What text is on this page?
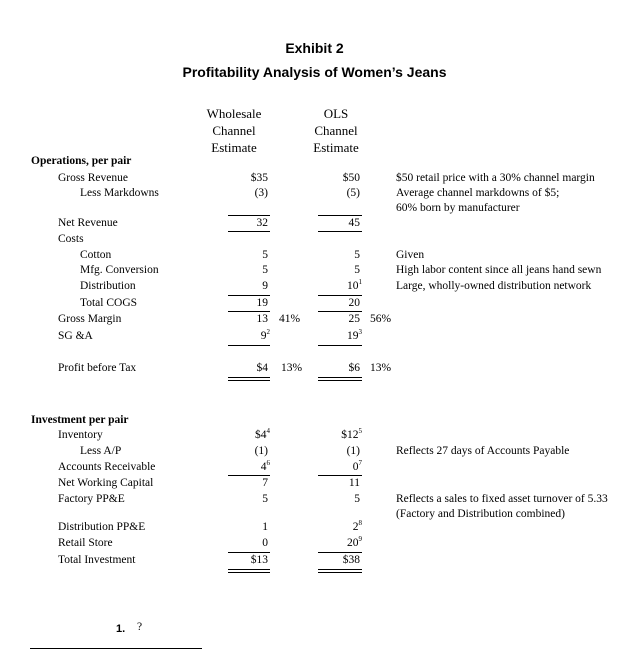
Exhibit 2
Profitability Analysis of Women’s Jeans
Wholesale
Channel
Estimate
OLS
Channel
Estimate
Operations, per pair
Gross Revenue	$35	$50	$50 retail price with a 30% channel margin
Less Markdowns	(3)	(5)	Average channel markdowns of $5;
60% born by manufacturer
Net Revenue	32	45
Costs
Cotton	5	5	Given
Mfg. Conversion	5	5	High labor content since all jeans hand sewn
Distribution	9	$10^1$	Large, wholly-owned distribution network
Total COGS	19	20
Gross Margin	13 41%	25 56%
SG &A	$9^2$	$19^3$
Profit before Tax	$4 13%	$6 13%
Investment per pair
Inventory	$\$4^4$	$\$12^5$
Less A/P	(1)	(1)	Reflects 27 days of Accounts Payable
Accounts Receivable	$4^6$	$0^7$
Net Working Capital	7	11
Factory PP&E	5	5	Reflects a sales to fixed asset turnover of 5.33
(Factory and Distribution combined)
Distribution PP&E	1	$2^8$
Retail Store	0	$20^9$
Total Investment	$13	$38
1. ?
